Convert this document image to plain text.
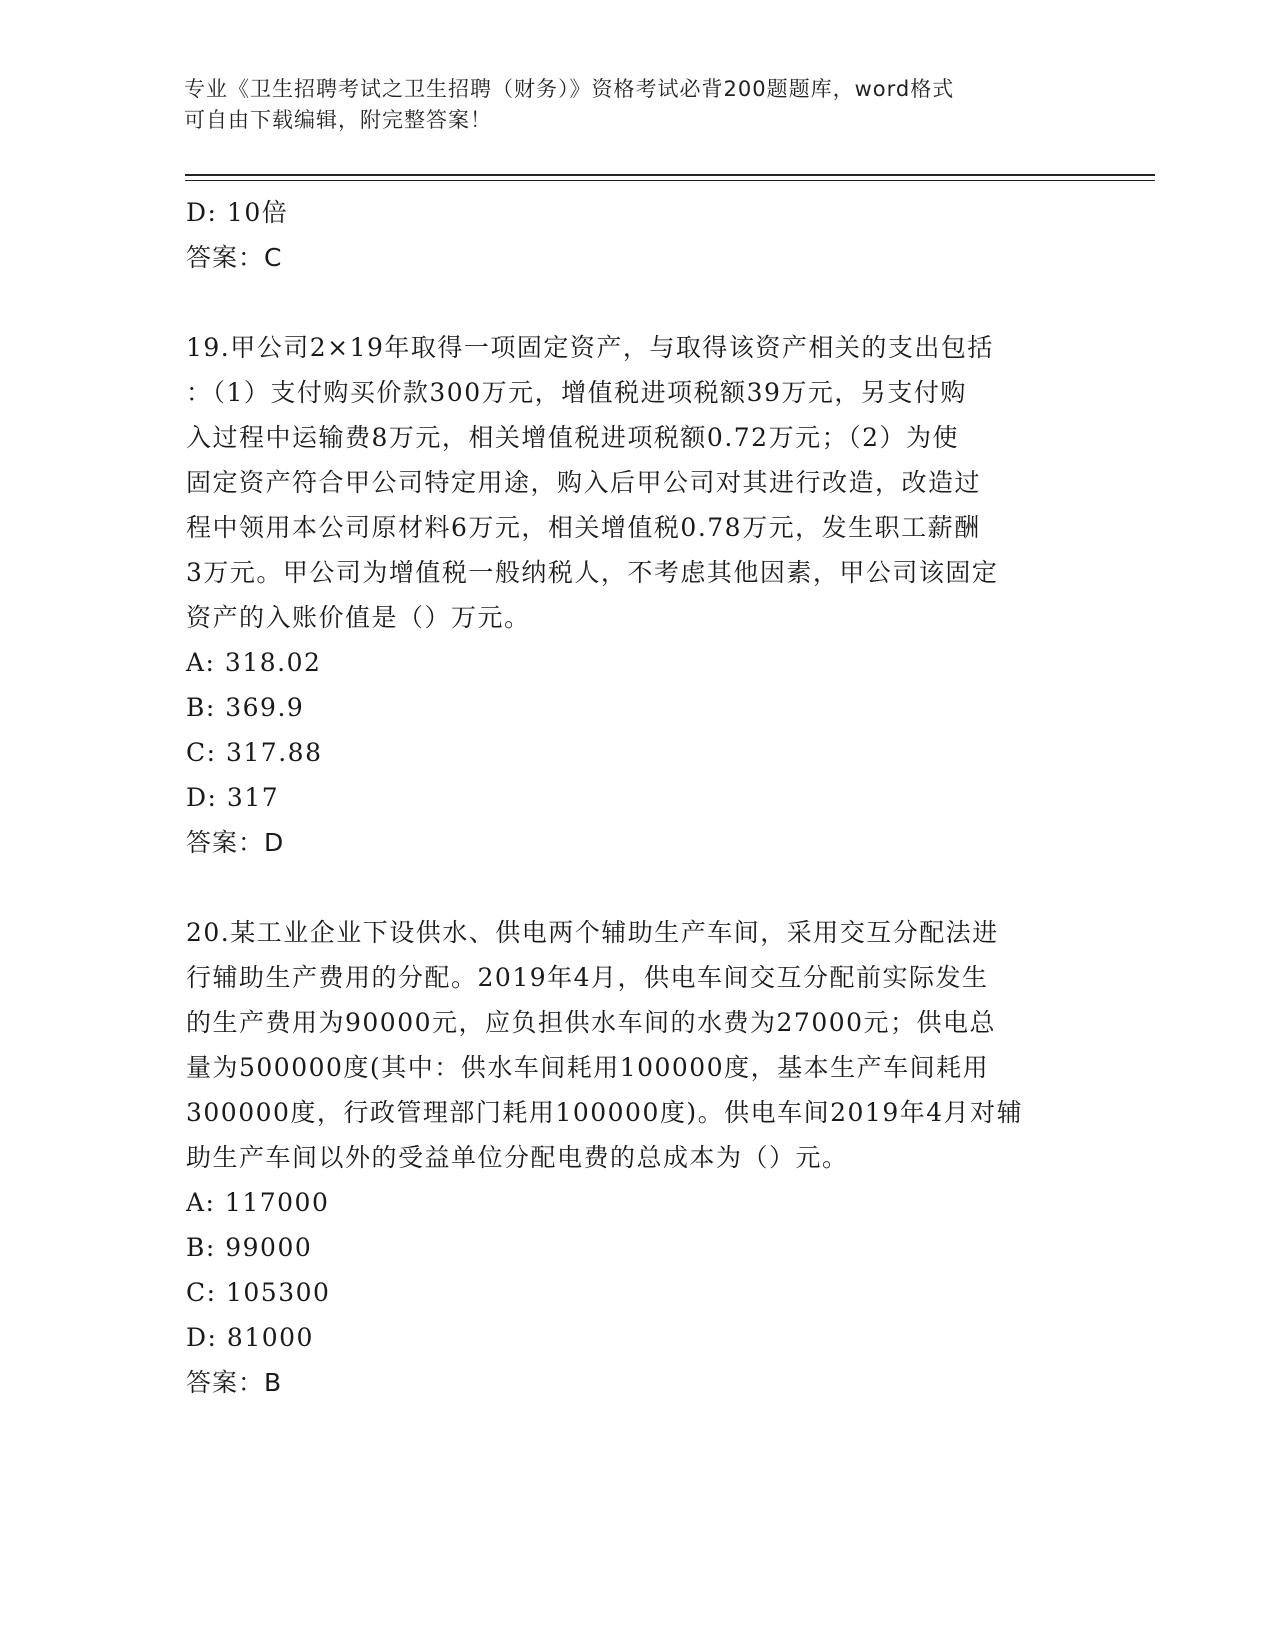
专业《卫生招聘考试之卫生招聘（财务）》资格考试必背200题题库，word格式
可自由下载编辑，附完整答案！

D: 10倍

答案：C

19.甲公司2×19年取得一项固定资产，与取得该资产相关的支出包括

：（1）支付购买价款300万元，增值税进项税额39万元，另支付购

入过程中运输费8万元，相关增值税进项税额0.72万元；（2）为使

固定资产符合甲公司特定用途，购入后甲公司对其进行改造，改造过

程中领用本公司原材料6万元，相关增值税0.78万元，发生职工薪酬

3万元。甲公司为增值税一般纳税人，不考虑其他因素，甲公司该固定

资产的入账价值是（）万元。

A: 318.02

B: 369.9

C: 317.88

D: 317

答案：D

20.某工业企业下设供水、供电两个辅助生产车间，采用交互分配法进

行辅助生产费用的分配。2019年4月，供电车间交互分配前实际发生

的生产费用为90000元，应负担供水车间的水费为27000元；供电总

量为500000度(其中：供水车间耗用100000度，基本生产车间耗用

300000度，行政管理部门耗用100000度)。供电车间2019年4月对辅

助生产车间以外的受益单位分配电费的总成本为（）元。

A: 117000

B: 99000

C: 105300

D: 81000

答案：B
